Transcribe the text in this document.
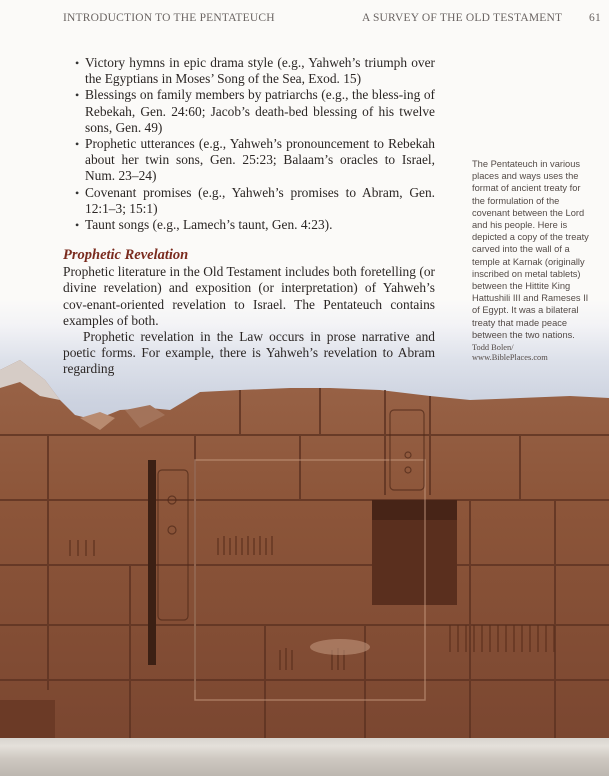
INTRODUCTION TO THE PENTATEUCH	A SURVEY OF THE OLD TESTAMENT 61
• Victory hymns in epic drama style (e.g., Yahweh’s triumph over the Egyptians in Moses’ Song of the Sea, Exod. 15)
• Blessings on family members by patriarchs (e.g., the bless-ing of Rebekah, Gen. 24:60; Jacob’s death-bed blessing of his twelve sons, Gen. 49)
• Prophetic utterances (e.g., Yahweh’s pronouncement to Rebekah about her twin sons, Gen. 25:23; Balaam’s oracles to Israel, Num. 23–24)
• Covenant promises (e.g., Yahweh’s promises to Abram, Gen. 12:1–3; 15:1)
• Taunt songs (e.g., Lamech’s taunt, Gen. 4:23).
Prophetic Revelation

Prophetic literature in the Old Testament includes both foretelling (or divine revelation) and exposition (or interpretation) of Yahweh’s cov-enant-oriented revelation to Israel. The Pentateuch contains examples of both.

Prophetic revelation in the Law occurs in prose narrative and poetic forms. For example, there is Yahweh’s revelation to Abram regarding

The Pentateuch in various places and ways uses the format of ancient treaty for the formulation of the covenant between the Lord and his people. Here is depicted a copy of the treaty carved into the wall of a temple at Karnak (originally inscribed on metal tablets) between the Hittite King Hattushili III and Rameses II of Egypt. It was a bilateral treaty that made peace between the two nations.

Todd Bolen/
www.BiblePlaces.com
